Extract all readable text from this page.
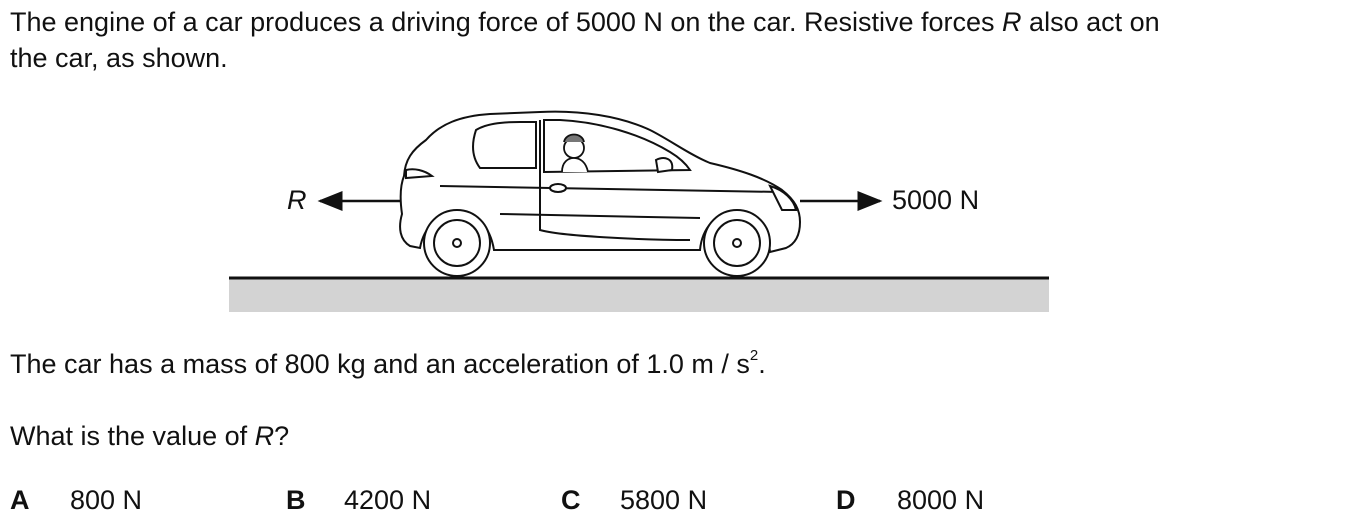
The engine of a car produces a driving force of 5000 N on the car. Resistive forces R also act on
the car, as shown.
R	5000 N
The car has a mass of 800 kg and an acceleration of 1.0 m / $s^2$.
What is the value of R?
A 800 N	B 4200 N	C 5800 N	D 8000 N
